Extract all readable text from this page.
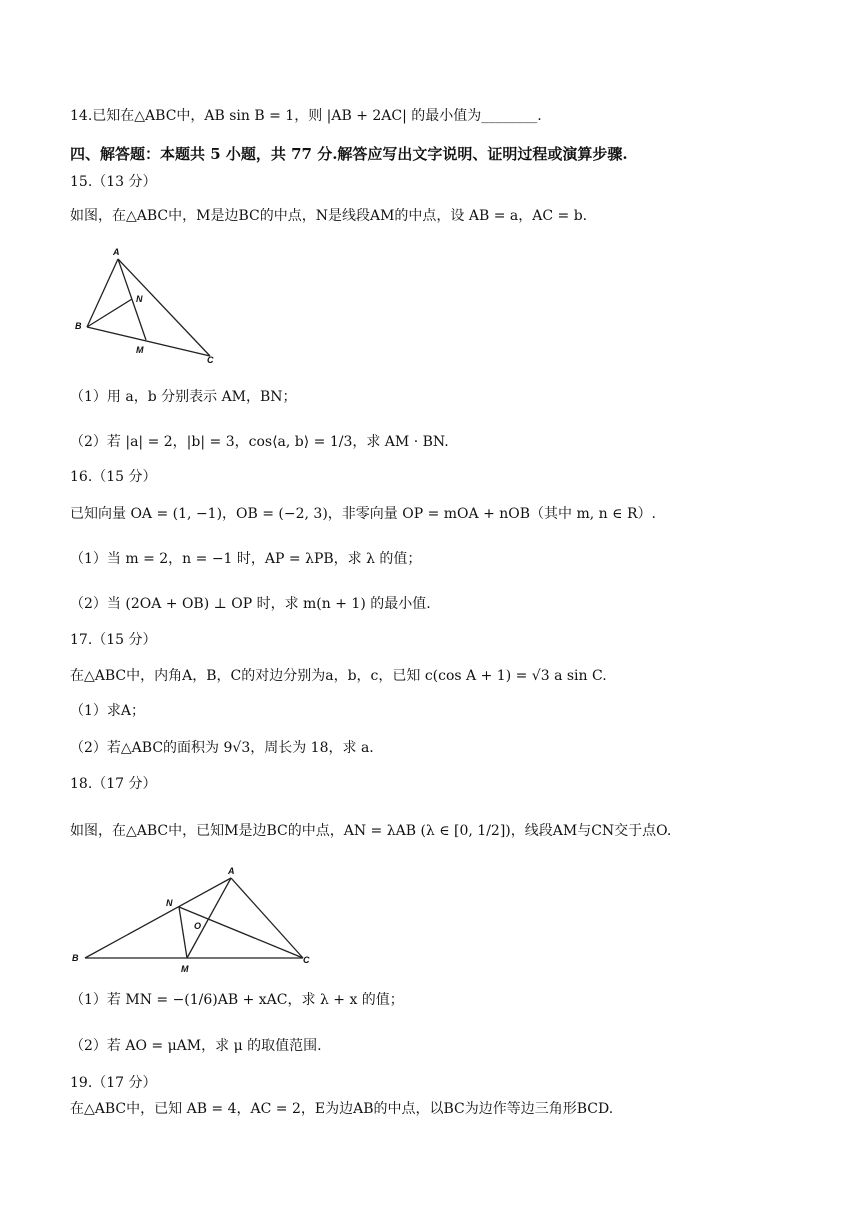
14.已知在△ABC中，AB sin B = 1，则 |AB + 2AC| 的最小值为________.
四、解答题：本题共 5 小题，共 77 分.解答应写出文字说明、证明过程或演算步骤.
15.（13 分）
如图，在△ABC中，M是边BC的中点，N是线段AM的中点，设 AB = a，AC = b.
A
N
B
M
C
（1）用 a，b 分别表示 AM，BN；
（2）若 |a| = 2，|b| = 3，cos⟨a, b⟩ = 1/3，求 AM · BN.
16.（15 分）
已知向量 OA = (1, −1)，OB = (−2, 3)，非零向量 OP = mOA + nOB（其中 m, n ∈ R）.
（1）当 m = 2，n = −1 时，AP = λPB，求 λ 的值；
（2）当 (2OA + OB) ⊥ OP 时，求 m(n + 1) 的最小值.
17.（15 分）
在△ABC中，内角A，B，C的对边分别为a，b，c，已知 c(cos A + 1) = √3 a sin C.
（1）求A；
（2）若△ABC的面积为 9√3，周长为 18，求 a.
18.（17 分）
如图，在△ABC中，已知M是边BC的中点，AN = λAB (λ ∈ [0, 1/2])，线段AM与CN交于点O.
A
N
O
B
M
C
（1）若 MN = −(1/6)AB + xAC，求 λ + x 的值；
（2）若 AO = μAM，求 μ 的取值范围.
19.（17 分）
在△ABC中，已知 AB = 4，AC = 2，E为边AB的中点，以BC为边作等边三角形BCD.
